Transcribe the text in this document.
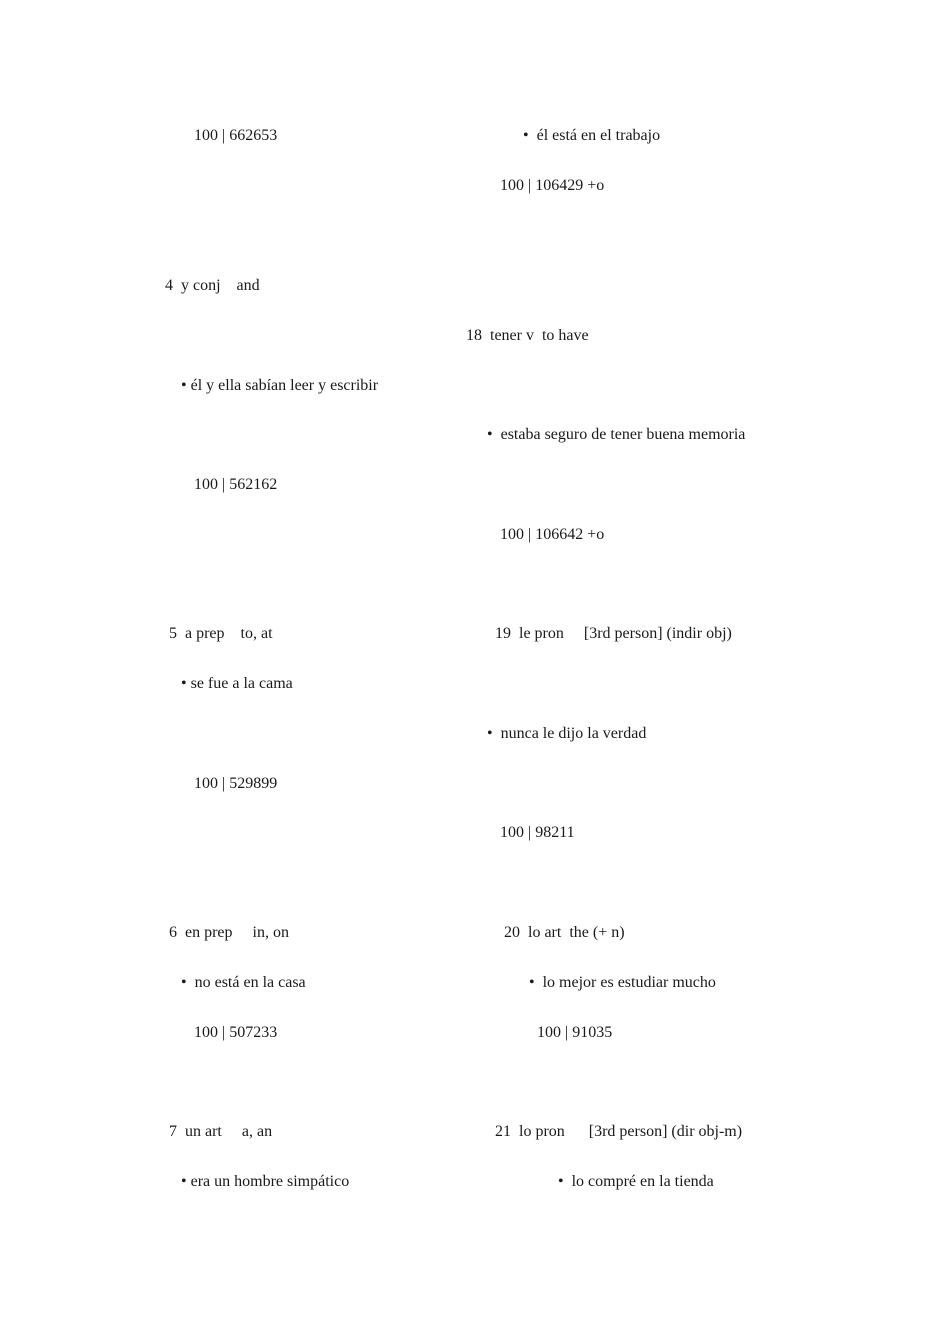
100 | 662653
4  y conj    and
• él y ella sabían leer y escribir
100 | 562162
5  a prep    to, at
• se fue a la cama
100 | 529899
6  en prep     in, on
•  no está en la casa
100 | 507233
7  un art     a, an
• era un hombre simpático
•  él está en el trabajo
100 | 106429 +o
18  tener v  to have
•  estaba seguro de tener buena memoria
100 | 106642 +o
19  le pron     [3rd person] (indir obj)
•  nunca le dijo la verdad
100 | 98211
20  lo art  the (+ n)
•  lo mejor es estudiar mucho
100 | 91035
21  lo pron      [3rd person] (dir obj-m)
•  lo compré en la tienda
